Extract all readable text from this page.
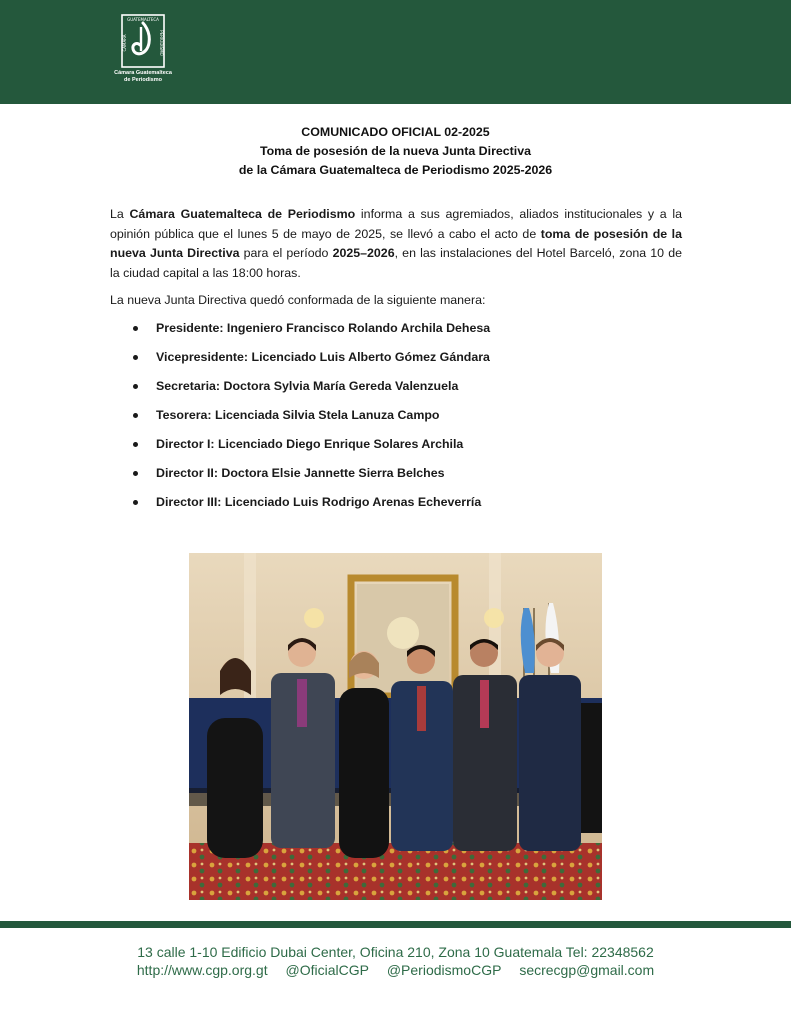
GUATEMALTECA
CÁMARA	PERIODISMO
Cámara Guatemalteca
de Periodismo
COMUNICADO OFICIAL 02-2025
Toma de posesión de la nueva Junta Directiva
de la Cámara Guatemalteca de Periodismo 2025-2026
La Cámara Guatemalteca de Periodismo informa a sus agremiados, aliados institucionales y a la opinión pública que el lunes 5 de mayo de 2025, se llevó a cabo el acto de toma de posesión de la nueva Junta Directiva para el período 2025–2026, en las instalaciones del Hotel Barceló, zona 10 de la ciudad capital a las 18:00 horas.
La nueva Junta Directiva quedó conformada de la siguiente manera:
Presidente: Ingeniero Francisco Rolando Archila Dehesa
Vicepresidente: Licenciado Luis Alberto Gómez Gándara
Secretaria: Doctora Sylvia María Gereda Valenzuela
Tesorera: Licenciada Silvia Stela Lanuza Campo
Director I: Licenciado Diego Enrique Solares Archila
Director II: Doctora Elsie Jannette Sierra Belches
Director III: Licenciado Luis Rodrigo Arenas Echeverría
13 calle 1-10 Edificio Dubai Center, Oficina 210, Zona 10 Guatemala Tel: 22348562
http://www.cgp.org.gt @OficialCGP @PeriodismoCGP secrecgp@gmail.com
